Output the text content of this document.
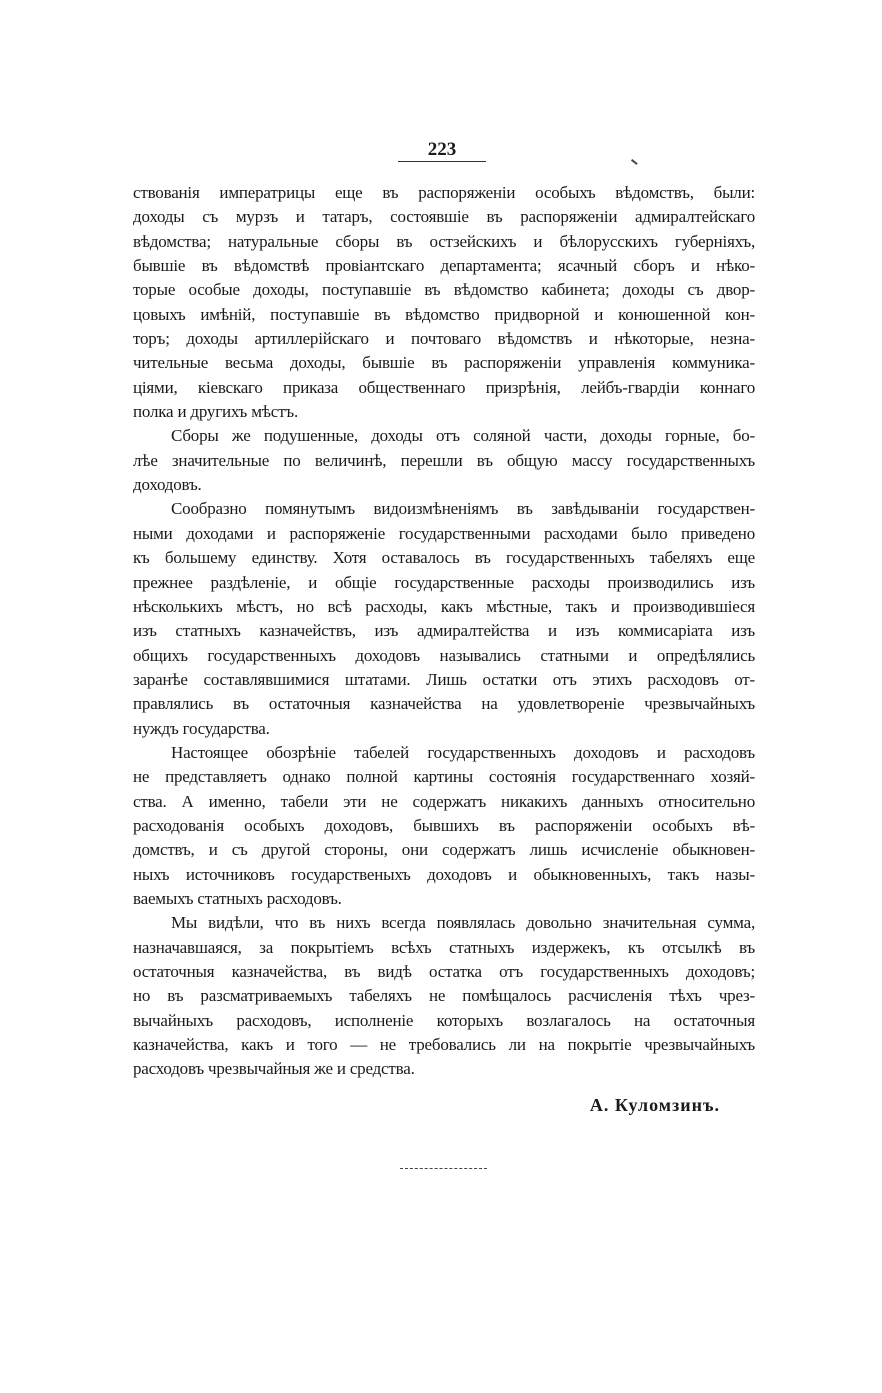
223
ствованія императрицы еще въ распоряженіи особыхъ вѣдомствъ, были:
доходы съ мурзъ и татаръ, состоявшіе въ распоряженіи адмиралтейскаго
вѣдомства; натуральные сборы въ остзейскихъ и бѣлорусскихъ губерніяхъ,
бывшіе въ вѣдомствѣ провіантскаго департамента; ясачный сборъ и нѣко-
торые особые доходы, поступавшіе въ вѣдомство кабинета; доходы съ двор-
цовыхъ имѣній, поступавшіе въ вѣдомство придворной и конюшенной кон-
торъ; доходы артиллерійскаго и почтоваго вѣдомствъ и нѣкоторые, незна-
чительные весьма доходы, бывшіе въ распоряженіи управленія коммуника-
ціями, кіевскаго приказа общественнаго призрѣнія, лейбъ-гвардіи коннаго
полка и другихъ мѣстъ.
Сборы же подушенные, доходы отъ соляной части, доходы горные, бо-
лѣе значительные по величинѣ, перешли въ общую массу государственныхъ
доходовъ.
Сообразно помянутымъ видоизмѣненіямъ въ завѣдываніи государствен-
ными доходами и распоряженіе государственными расходами было приведено
къ большему единству. Хотя оставалось въ государственныхъ табеляхъ еще
прежнее раздѣленіе, и общіе государственные расходы производились изъ
нѣсколькихъ мѣстъ, но всѣ расходы, какъ мѣстные, такъ и производившіеся
изъ статныхъ казначействъ, изъ адмиралтейства и изъ коммисаріата изъ
общихъ государственныхъ доходовъ назывались статными и опредѣлялись
заранѣе составлявшимися штатами. Лишь остатки отъ этихъ расходовъ от-
правлялись въ остаточныя казначейства на удовлетвореніе чрезвычайныхъ
нуждъ государства.
Настоящее обозрѣніе табелей государственныхъ доходовъ и расходовъ
не представляетъ однако полной картины состоянія государственнаго хозяй-
ства. А именно, табели эти не содержатъ никакихъ данныхъ относительно
расходованія особыхъ доходовъ, бывшихъ въ распоряженіи особыхъ вѣ-
домствъ, и съ другой стороны, они содержатъ лишь исчисленіе обыкновен-
ныхъ источниковъ государственыхъ доходовъ и обыкновенныхъ, такъ назы-
ваемыхъ статныхъ расходовъ.
Мы видѣли, что въ нихъ всегда появлялась довольно значительная сумма,
назначавшаяся, за покрытіемъ всѣхъ статныхъ издержекъ, къ отсылкѣ въ
остаточныя казначейства, въ видѣ остатка отъ государственныхъ доходовъ;
но въ разсматриваемыхъ табеляхъ не помѣщалось расчисленія тѣхъ чрез-
вычайныхъ расходовъ, исполненіе которыхъ возлагалось на остаточныя
казначейства, какъ и того — не требовались ли на покрытіе чрезвычайныхъ
расходовъ чрезвычайныя же и средства.
А. Куломзинъ.
